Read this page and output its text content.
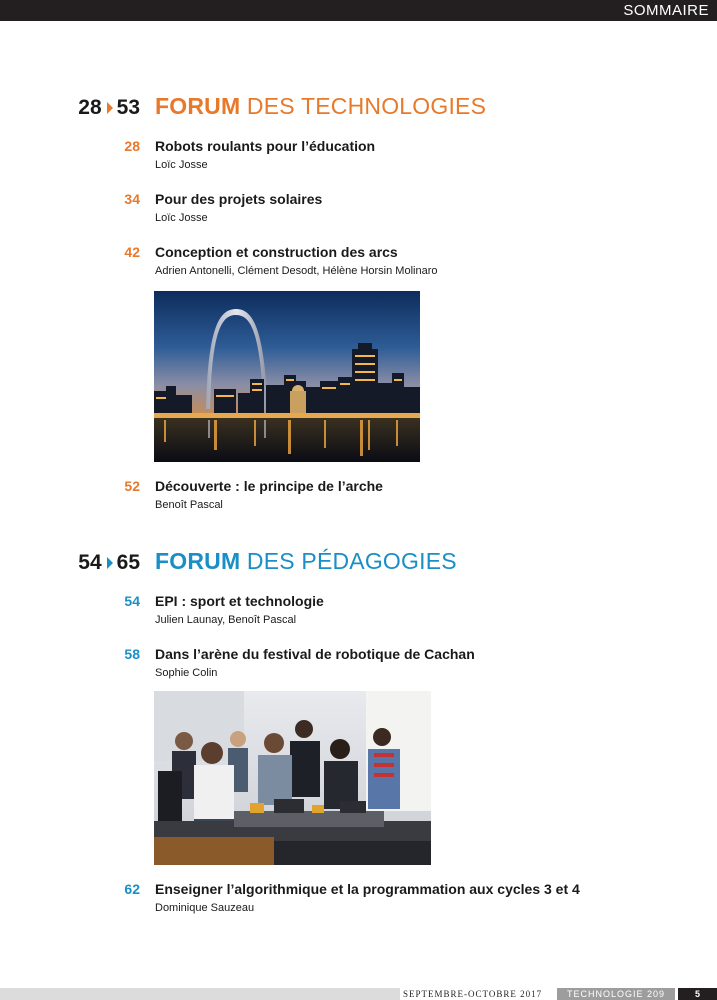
SOMMAIRE
28 53 FORUM DES TECHNOLOGIES
28 Robots roulants pour l’éducation
Loïc Josse
34 Pour des projets solaires
Loïc Josse
42 Conception et construction des arcs
Adrien Antonelli, Clément Desodt, Hélène Horsin Molinaro
52 Découverte : le principe de l’arche
Benoît Pascal
54 65 FORUM DES PÉDAGOGIES
54 EPI : sport et technologie
Julien Launay, Benoît Pascal
58 Dans l’arène du festival de robotique de Cachan
Sophie Colin
62 Enseigner l’algorithmique et la programmation aux cycles 3 et 4
Dominique Sauzeau
SEPTEMBRE-OCTOBRE 2017	TECHNOLOGIE 209	5
